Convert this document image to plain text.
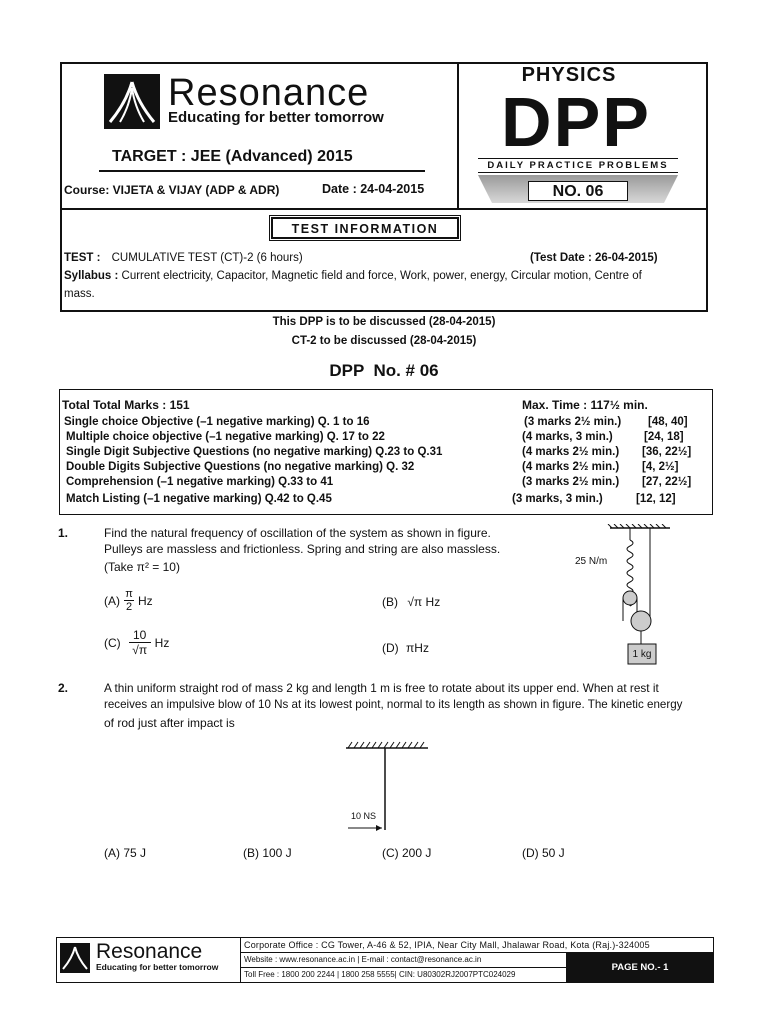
Resonance
Educating for better tomorrow
TARGET : JEE (Advanced) 2015
Course: VIJETA & VIJAY (ADP & ADR)	Date : 24-04-2015
PHYSICS
DPP
DAILY PRACTICE PROBLEMS
NO. 06
TEST INFORMATION
TEST : CUMULATIVE TEST (CT)-2 (6 hours)	(Test Date : 26-04-2015)
Syllabus : Current electricity, Capacitor, Magnetic field and force, Work, power, energy, Circular motion, Centre of
mass.
This DPP is to be discussed (28-04-2015)
CT-2 to be discussed (28-04-2015)
DPP  No. # 06
Total Total Marks : 151	Max. Time : 117½ min.
Single choice Objective (–1 negative marking) Q. 1 to 16	(3 marks 2½ min.) [48, 40]
Multiple choice objective (–1 negative marking) Q. 17 to 22	(4 marks, 3 min.)	[24, 18]
Single Digit Subjective Questions (no negative marking) Q.23 to Q.31	(4 marks 2½ min.) [36, 22½]
Double Digits Subjective Questions (no negative marking) Q. 32	(4 marks 2½ min.) [4, 2½]
Comprehension (–1 negative marking) Q.33 to 41	(3 marks 2½ min.) [27, 22½]
Match Listing (–1 negative marking) Q.42 to Q.45	(3 marks, 3 min.)	[12, 12]
1.	Find the natural frequency of oscillation of the system as shown in figure.
Pulleys are massless and frictionless. Spring and string are also massless.
(Take π² = 10)
(A) π
2 Hz	(B) √π Hz
(C)
10
√π
Hz	(D) πHz
25 N/m
1 kg
2.	A thin uniform straight rod of mass 2 kg and length 1 m is free to rotate about its upper end. When at rest it
receives an impulsive blow of 10 Ns at its lowest point, normal to its length as shown in figure. The kinetic energy
of rod just after impact is
10 NS
(A) 75 J	(B) 100 J	(C) 200 J	(D) 50 J
Resonance
Educating for better tomorrow
Corporate Office : CG Tower, A-46 & 52, IPIA, Near City Mall, Jhalawar Road, Kota (Raj.)-324005
Website : www.resonance.ac.in | E-mail : contact@resonance.ac.in
Toll Free : 1800 200 2244 | 1800 258 5555| CIN: U80302RJ2007PTC024029
PAGE NO.- 1
